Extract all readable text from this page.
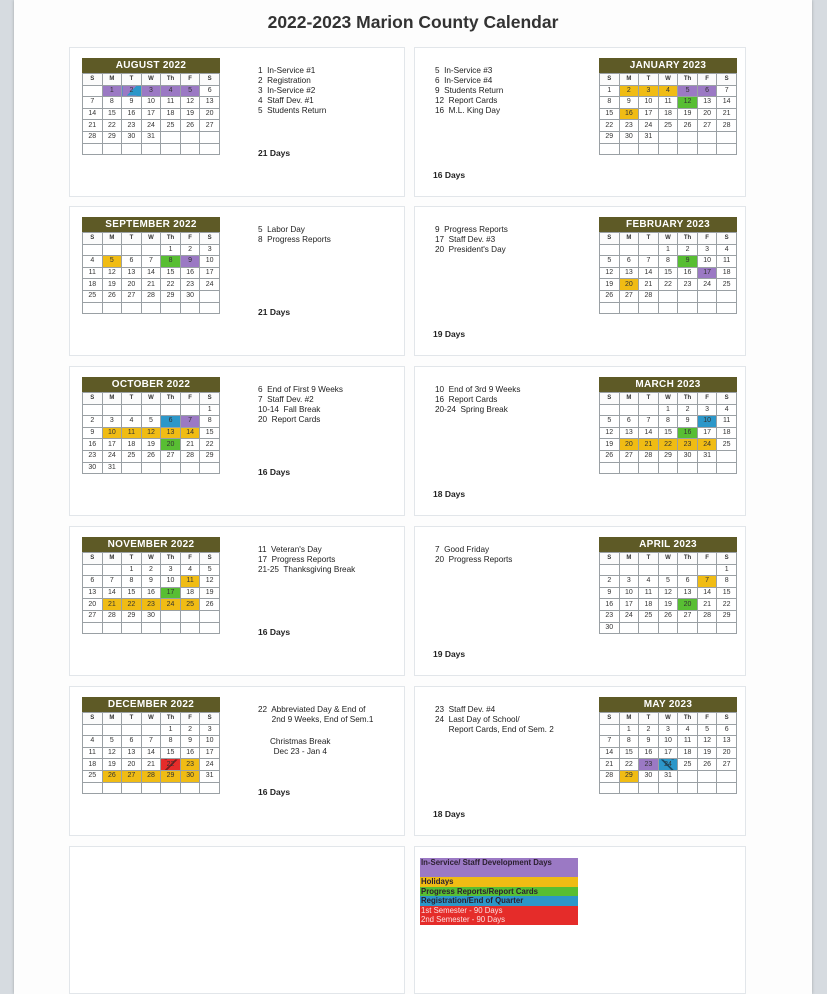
2022-2023 Marion County Calendar
AUGUST 2022
S	M	T	W	Th	F	S
	1	2	3	4	5	6
7	8	9	10	11	12	13
14	15	16	17	18	19	20
21	22	23	24	25	26	27
28	29	30	31			

1  In-Service #1
2  Registration
3  In-Service #2
4  Staff Dev. #1
5  Students Return
21 Days
SEPTEMBER 2022
S	M	T	W	Th	F	S
				1	2	3
4	5	6	7	8	9	10
11	12	13	14	15	16	17
18	19	20	21	22	23	24
25	26	27	28	29	30	

5  Labor Day
8  Progress Reports
21 Days
OCTOBER 2022
S	M	T	W	Th	F	S
						1
2	3	4	5	6	7	8
9	10	11	12	13	14	15
16	17	18	19	20	21	22
23	24	25	26	27	28	29
30	31					
6  End of First 9 Weeks
7  Staff Dev. #2
10-14  Fall Break
20  Report Cards
16 Days
NOVEMBER 2022
S	M	T	W	Th	F	S
		1	2	3	4	5
6	7	8	9	10	11	12
13	14	15	16	17	18	19
20	21	22	23	24	25	26
27	28	29	30			

11  Veteran's Day
17  Progress Reports
21-25  Thanksgiving Break
16 Days
DECEMBER 2022
S	M	T	W	Th	F	S
				1	2	3
4	5	6	7	8	9	10
11	12	13	14	15	16	17
18	19	20	21	22	23	24
25	26	27	28	29	30	31

22  Abbreviated Day & End of
2nd 9 Weeks, End of Sem.1
Christmas Break
Dec 23 - Jan 4
16 Days
JANUARY 2023
S	M	T	W	Th	F	S
1	2	3	4	5	6	7
8	9	10	11	12	13	14
15	16	17	18	19	20	21
22	23	24	25	26	27	28
29	30	31				

5  In-Service #3
6  In-Service #4
9  Students Return
12  Report Cards
16  M.L. King Day
16 Days
FEBRUARY 2023
S	M	T	W	Th	F	S
			1	2	3	4
5	6	7	8	9	10	11
12	13	14	15	16	17	18
19	20	21	22	23	24	25
26	27	28				

9  Progress Reports
17  Staff Dev. #3
20  President's Day
19 Days
MARCH 2023
S	M	T	W	Th	F	S
			1	2	3	4
5	6	7	8	9	10	11
12	13	14	15	16	17	18
19	20	21	22	23	24	25
26	27	28	29	30	31	

10  End of 3rd 9 Weeks
16  Report Cards
20-24  Spring Break
18 Days
APRIL 2023
S	M	T	W	Th	F	S
						1
2	3	4	5	6	7	8
9	10	11	12	13	14	15
16	17	18	19	20	21	22
23	24	25	26	27	28	29
30						
7  Good Friday
20  Progress Reports
19 Days
MAY 2023
S	M	T	W	Th	F	S
	1	2	3	4	5	6
7	8	9	10	11	12	13
14	15	16	17	18	19	20
21	22	23	24	25	26	27
28	29	30	31			

23  Staff Dev. #4
24  Last Day of School/
Report Cards, End of Sem. 2
18 Days
In-Service/ Staff Development Days
Holidays
Progress Reports/Report Cards
Registration/End of Quarter
1st Semester - 90 Days
2nd Semester - 90 Days
